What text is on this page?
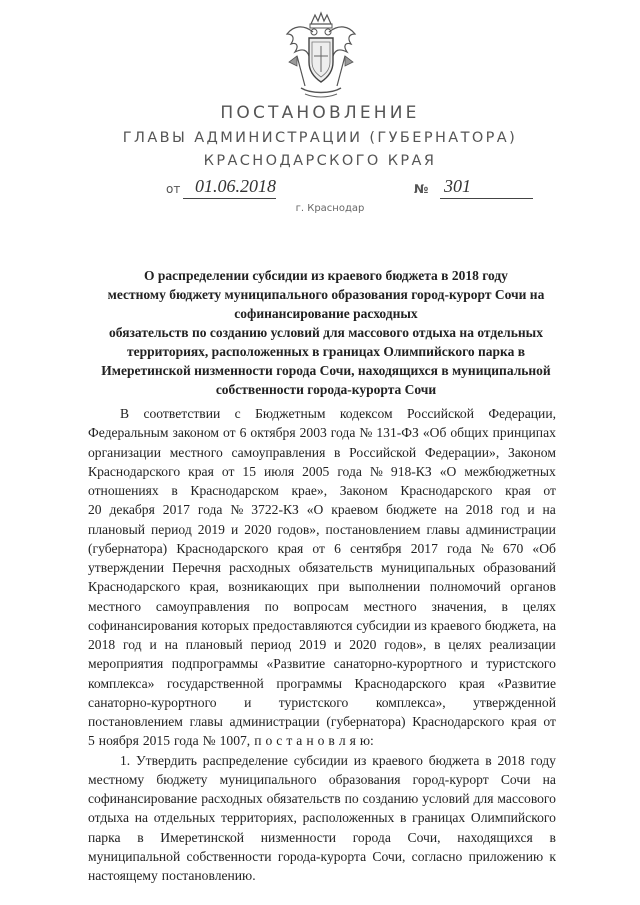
ПОСТАНОВЛЕНИЕ
ГЛАВЫ АДМИНИСТРАЦИИ (ГУБЕРНАТОРА)
КРАСНОДАРСКОГО КРАЯ
от 01.06.2018	№ 301
г. Краснодар
О распределении субсидии из краевого бюджета в 2018 году
местному бюджету муниципального образования город-курорт Сочи на
софинансирование расходных
обязательств по созданию условий для массового отдыха на отдельных
территориях, расположенных в границах Олимпийского парка в
Имеретинской низменности города Сочи, находящихся в муниципальной
собственности города-курорта Сочи
В соответствии с Бюджетным кодексом Российской Федерации,
Федеральным законом от 6 октября 2003 года № 131-ФЗ «Об общих принципах
организации местного самоуправления в Российской Федерации», Законом
Краснодарского края от 15 июля 2005 года № 918-КЗ «О межбюджетных
отношениях в Краснодарском крае», Законом Краснодарского края от
20 декабря 2017 года № 3722-КЗ «О краевом бюджете на 2018 год и на
плановый период 2019 и 2020 годов», постановлением главы администрации
(губернатора) Краснодарского края от 6 сентября 2017 года № 670 «Об
утверждении Перечня расходных обязательств муниципальных образований
Краснодарского края, возникающих при выполнении полномочий органов
местного самоуправления по вопросам местного значения, в целях
софинансирования которых предоставляются субсидии из краевого бюджета, на
2018 год и на плановый период 2019 и 2020 годов», в целях реализации
мероприятия подпрограммы «Развитие санаторно-курортного и туристского
комплекса» государственной программы Краснодарского края «Развитие
санаторно-курортного и туристского комплекса», утвержденной
постановлением главы администрации (губернатора) Краснодарского края от
5 ноября 2015 года № 1007, п о с т а н о в л я ю:
1. Утвердить распределение субсидии из краевого бюджета в 2018 году
местному бюджету муниципального образования город-курорт Сочи на
софинансирование расходных обязательств по созданию условий для массового
отдыха на отдельных территориях, расположенных в границах Олимпийского
парка в Имеретинской низменности города Сочи, находящихся в
муниципальной собственности города-курорта Сочи, согласно приложению к
настоящему постановлению.
